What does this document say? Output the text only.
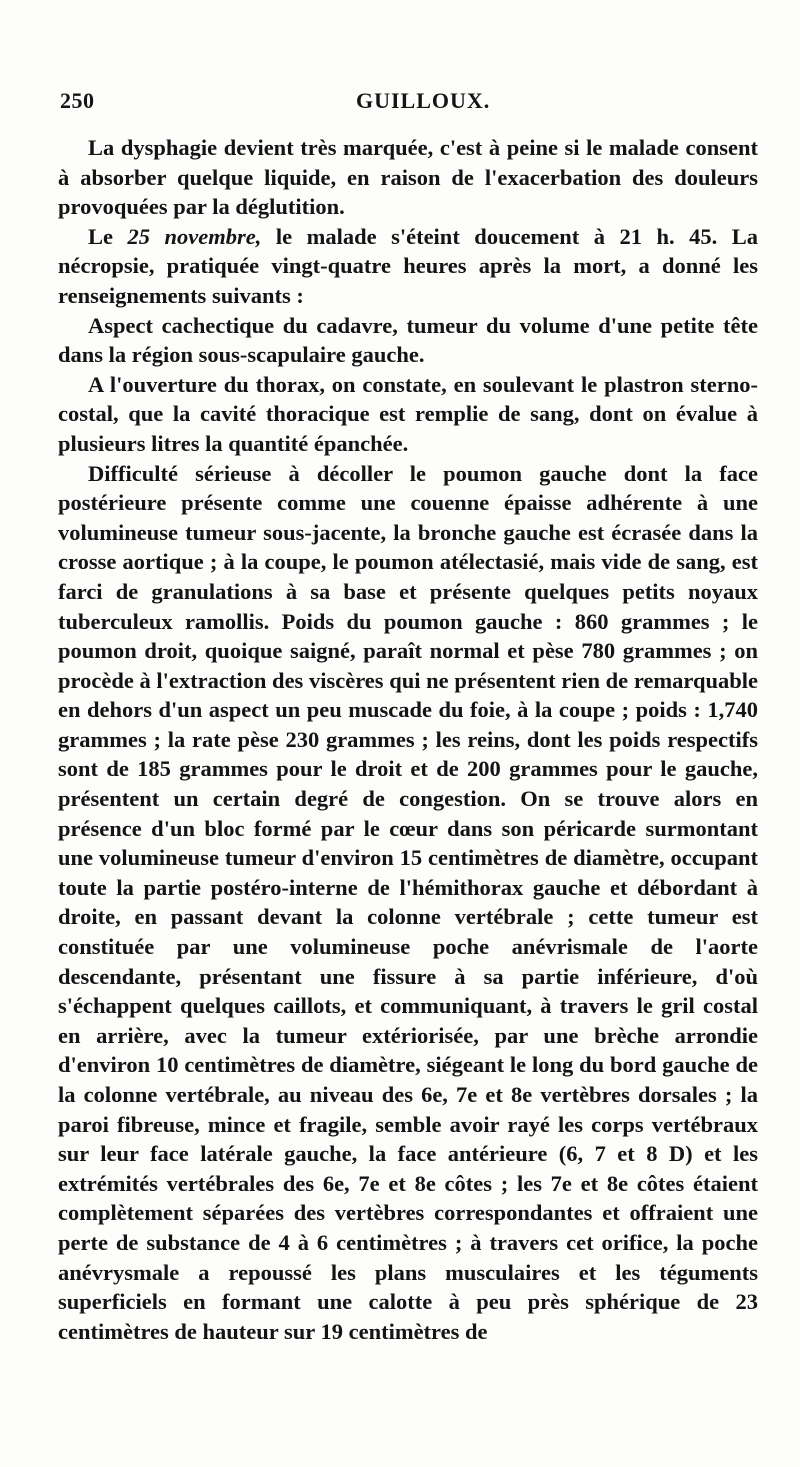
250	GUILLOUX.

La dysphagie devient très marquée, c'est à peine si le malade consent à absorber quelque liquide, en raison de l'exacerbation des douleurs provoquées par la déglutition.

Le 25 novembre, le malade s'éteint doucement à 21 h. 45. La nécropsie, pratiquée vingt-quatre heures après la mort, a donné les renseignements suivants :

Aspect cachectique du cadavre, tumeur du volume d'une petite tête dans la région sous-scapulaire gauche.

A l'ouverture du thorax, on constate, en soulevant le plastron sterno-costal, que la cavité thoracique est remplie de sang, dont on évalue à plusieurs litres la quantité épanchée.

Difficulté sérieuse à décoller le poumon gauche dont la face postérieure présente comme une couenne épaisse adhérente à une volumineuse tumeur sous-jacente, la bronche gauche est écrasée dans la crosse aortique ; à la coupe, le poumon atélectasié, mais vide de sang, est farci de granulations à sa base et présente quelques petits noyaux tuberculeux ramollis. Poids du poumon gauche : 860 grammes ; le poumon droit, quoique saigné, paraît normal et pèse 780 grammes ; on procède à l'extraction des viscères qui ne présentent rien de remarquable en dehors d'un aspect un peu muscade du foie, à la coupe ; poids : 1,740 grammes ; la rate pèse 230 grammes ; les reins, dont les poids respectifs sont de 185 grammes pour le droit et de 200 grammes pour le gauche, présentent un certain degré de congestion. On se trouve alors en présence d'un bloc formé par le cœur dans son péricarde surmontant une volumineuse tumeur d'environ 15 centimètres de diamètre, occupant toute la partie postéro-interne de l'hémithorax gauche et débordant à droite, en passant devant la colonne vertébrale ; cette tumeur est constituée par une volumineuse poche anévrismale de l'aorte descendante, présentant une fissure à sa partie inférieure, d'où s'échappent quelques caillots, et communiquant, à travers le gril costal en arrière, avec la tumeur extériorisée, par une brèche arrondie d'environ 10 centimètres de diamètre, siégeant le long du bord gauche de la colonne vertébrale, au niveau des 6e, 7e et 8e vertèbres dorsales ; la paroi fibreuse, mince et fragile, semble avoir rayé les corps vertébraux sur leur face latérale gauche, la face antérieure (6, 7 et 8 D) et les extrémités vertébrales des 6e, 7e et 8e côtes ; les 7e et 8e côtes étaient complètement séparées des vertèbres correspondantes et offraient une perte de substance de 4 à 6 centimètres ; à travers cet orifice, la poche anévrysmale a repoussé les plans musculaires et les téguments superficiels en formant une calotte à peu près sphérique de 23 centimètres de hauteur sur 19 centimètres de
